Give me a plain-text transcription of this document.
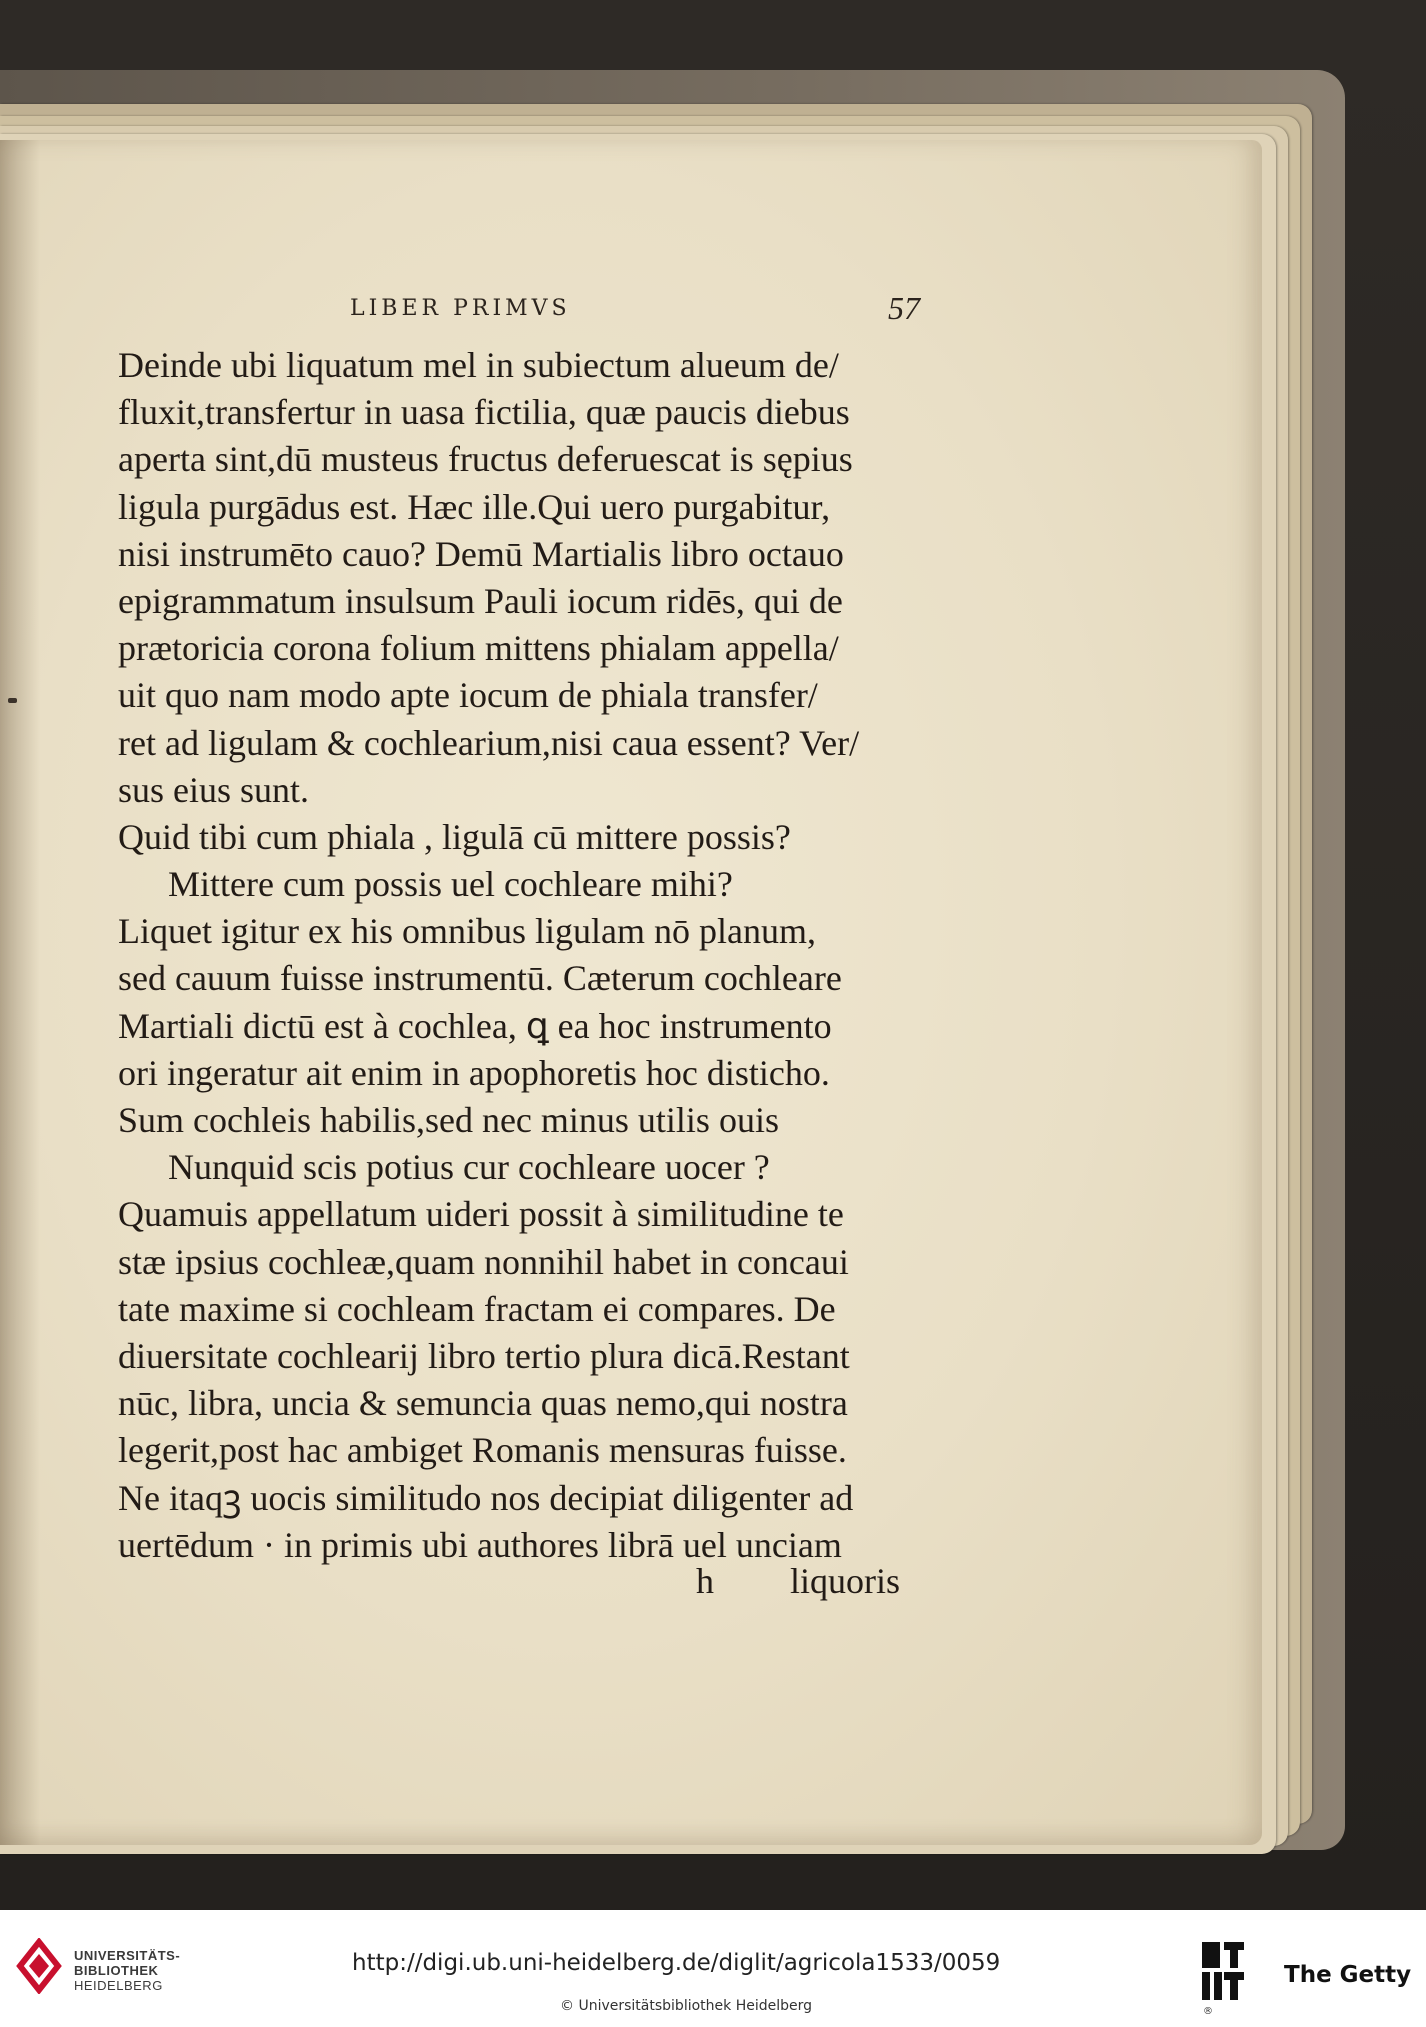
LIBER PRIMVS	57
Deinde ubi liquatum mel in subiectum alueum de/
fluxit,transfertur in uasa fictilia, quæ paucis diebus
aperta sint,dū musteus fructus deferuescat is sępius
ligula purgādus est. Hæc ille.Qui uero purgabitur,
nisi instrumēto cauo? Demū Martialis libro octauo
epigrammatum insulsum Pauli iocum ridēs, qui de
prætoricia corona folium mittens phialam appella/
uit quo nam modo apte iocum de phiala transfer/
ret ad ligulam & cochlearium,nisi caua essent? Ver/
sus eius sunt.
Quid tibi cum phiala , ligulā cū mittere possis?
Mittere cum possis uel cochleare mihi?
Liquet igitur ex his omnibus ligulam nō planum,
sed cauum fuisse instrumentū. Cæterum cochleare
Martiali dictū est à cochlea, ꝗ ea hoc instrumento
ori ingeratur ait enim in apophoretis hoc disticho.
Sum cochleis habilis,sed nec minus utilis ouis
Nunquid scis potius cur cochleare uocer ?
Quamuis appellatum uideri possit à similitudine te
stæ ipsius cochleæ,quam nonnihil habet in concaui
tate maxime si cochleam fractam ei compares. De
diuersitate cochlearij libro tertio plura dicā.Restant
nūc, libra, uncia & semuncia quas nemo,qui nostra
legerit,post hac ambiget Romanis mensuras fuisse.
Ne itaqꝫ uocis similitudo nos decipiat diligenter ad
uertēdum · in primis ubi authores librā uel unciam
h liquoris
UNIVERSITÄTS-
BIBLIOTHEK
HEIDELBERG
http://digi.ub.uni-heidelberg.de/diglit/agricola1533/0059
© Universitätsbibliothek Heidelberg	®
The Getty
